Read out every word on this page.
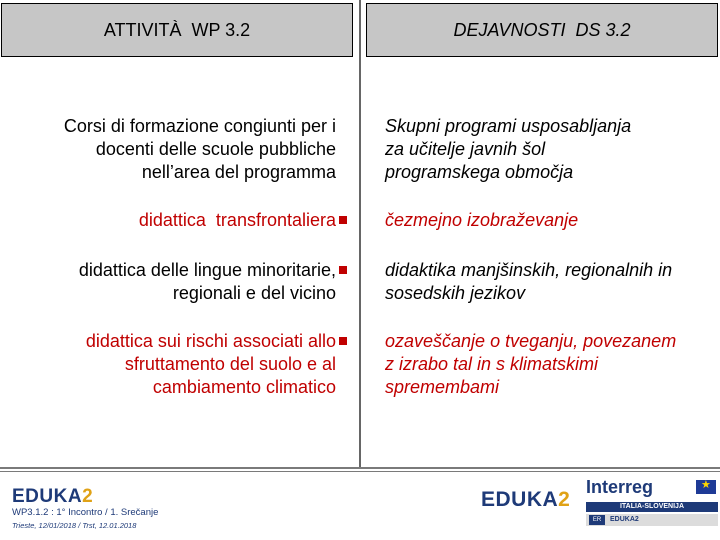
ATTIVITÀ  WP 3.2	DEJAVNOSTI  DS 3.2
Corsi di formazione congiunti per i
docenti delle scuole pubbliche
nell’area del programma
didattica  transfrontaliera
didattica delle lingue minoritarie,
regionali e del vicino
didattica sui rischi associati allo
sfruttamento del suolo e al
cambiamento climatico
Skupni programi usposabljanja
za učitelje javnih šol
programskega območja
čezmejno izobraževanje
didaktika manjšinskih, regionalnih in
sosedskih jezikov
ozaveščanje o tveganju, povezanem
z izrabo tal in s klimatskimi
spremembami
EDUKA2
WP3.1.2 : 1° Incontro / 1. Srečanje
Trieste, 12/01/2018 / Trst, 12.01.2018
EDUKA2
Interreg
★
ITALIA-SLOVENIJA
ER	EDUKA2
